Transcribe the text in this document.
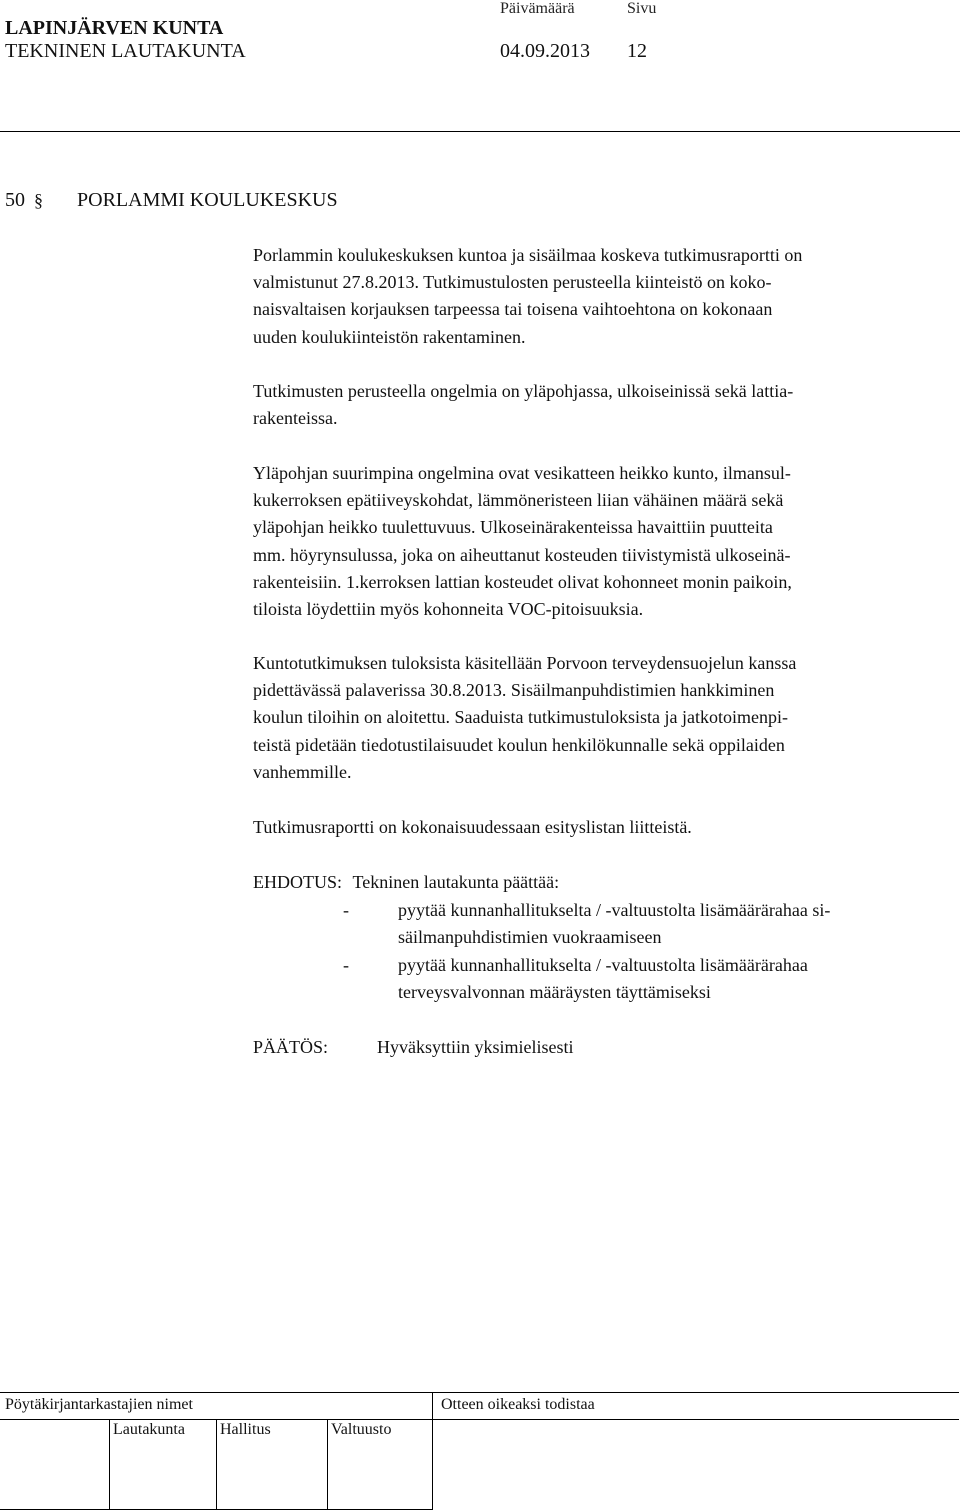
LAPINJÄRVEN KUNTA
TEKNINEN LAUTAKUNTA
Päivämäärä	Sivu
04.09.2013 12
50 § PORLAMMI KOULUKESKUS

Porlammin koulukeskuksen kuntoa ja sisäilmaa koskeva tutkimusraportti on

valmistunut 27.8.2013. Tutkimustulosten perusteella kiinteistö on koko-

naisvaltaisen korjauksen tarpeessa tai toisena vaihtoehtona on kokonaan

uuden koulukiinteistön rakentaminen.

Tutkimusten perusteella ongelmia on yläpohjassa, ulkoiseinissä sekä lattia-

rakenteissa.

Yläpohjan suurimpina ongelmina ovat vesikatteen heikko kunto, ilmansul-

kukerroksen epätiiveyskohdat, lämmöneristeen liian vähäinen määrä sekä

yläpohjan heikko tuulettuvuus. Ulkoseinärakenteissa havaittiin puutteita

mm. höyrynsulussa, joka on aiheuttanut kosteuden tiivistymistä ulkoseinä-

rakenteisiin. 1.kerroksen lattian kosteudet olivat kohonneet monin paikoin,

tiloista löydettiin myös kohonneita VOC-pitoisuuksia.

Kuntotutkimuksen tuloksista käsitellään Porvoon terveydensuojelun kanssa

pidettävässä palaverissa 30.8.2013. Sisäilmanpuhdistimien hankkiminen

koulun tiloihin on aloitettu. Saaduista tutkimustuloksista ja jatkotoimenpi-

teistä pidetään tiedotustilaisuudet koulun henkilökunnalle sekä oppilaiden

vanhemmille.

Tutkimusraportti on kokonaisuudessaan esityslistan liitteistä.

EHDOTUS: Tekninen lautakunta päättää:
-	pyytää kunnanhallitukselta / -valtuustolta lisämäärärahaa si-
säilmanpuhdistimien vuokraamiseen
-	pyytää kunnanhallitukselta / -valtuustolta lisämäärärahaa
terveysvalvonnan määräysten täyttämiseksi
PÄÄTÖS:	Hyväksyttiin yksimielisesti
Pöytäkirjantarkastajien nimet	Otteen oikeaksi todistaa
Lautakunta Hallitus	Valtuusto
